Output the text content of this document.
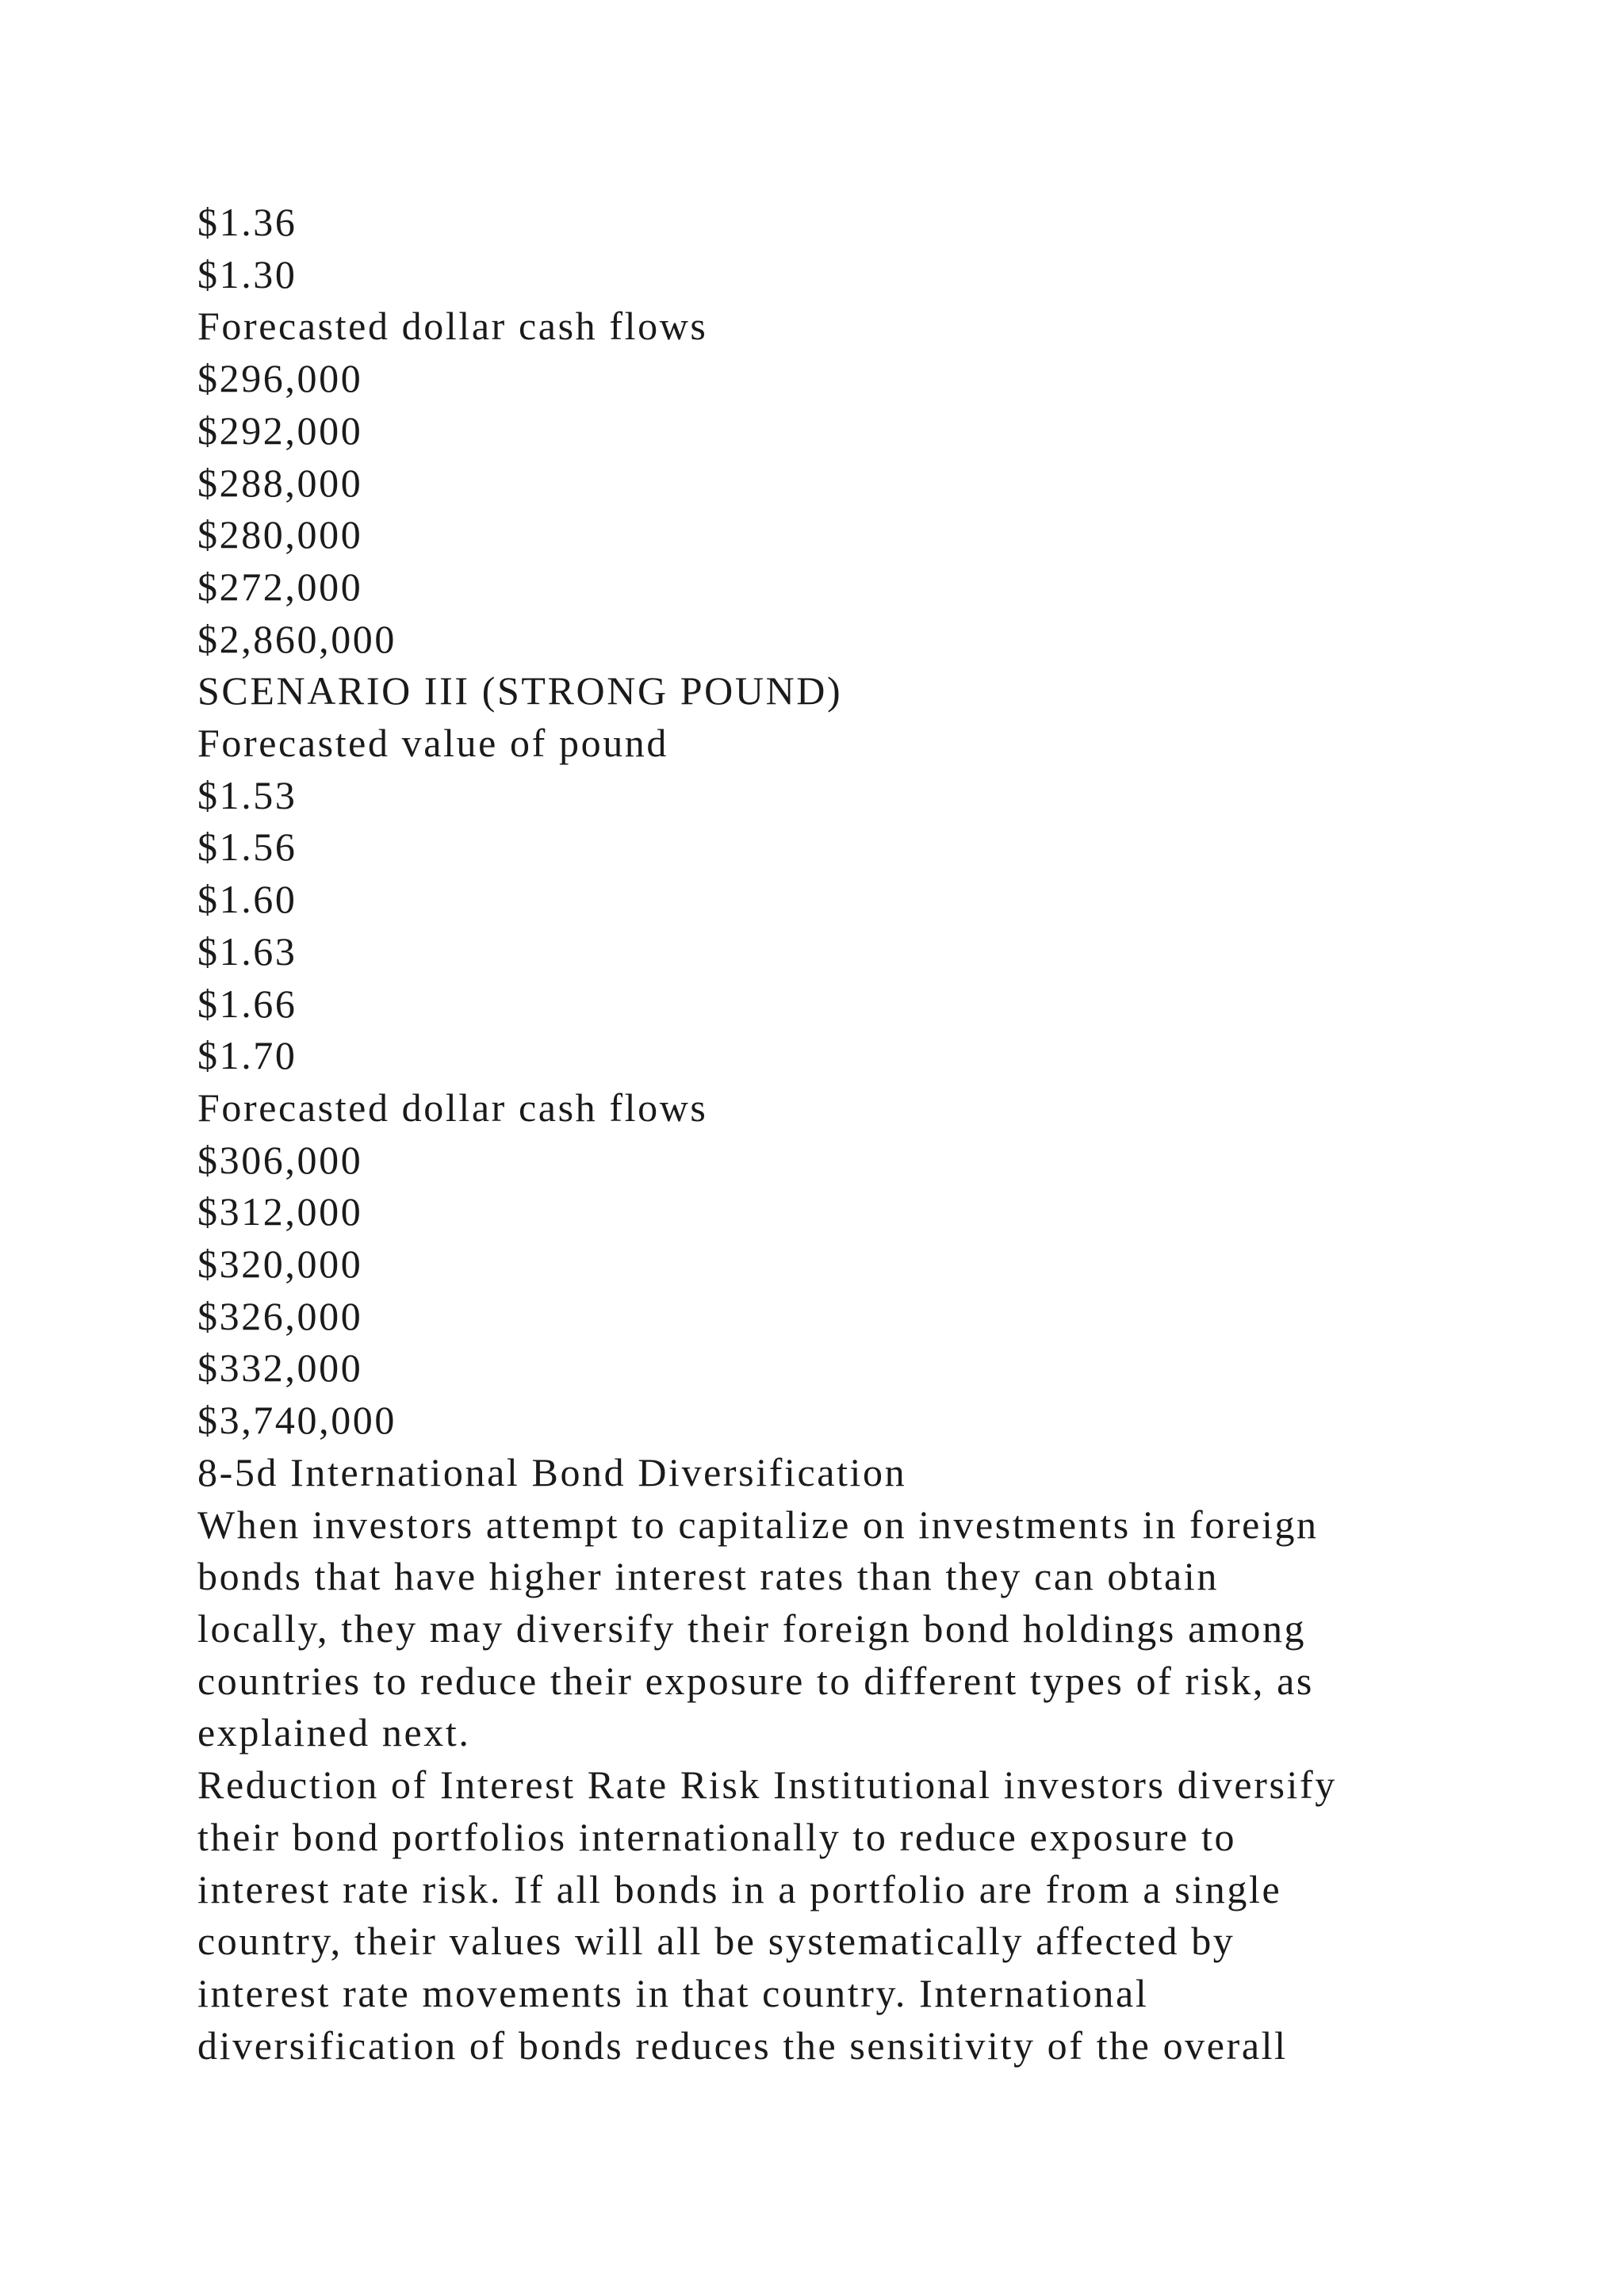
$1.36
$1.30
Forecasted dollar cash flows
$296,000
$292,000
$288,000
$280,000
$272,000
$2,860,000
SCENARIO III (STRONG POUND)
Forecasted value of pound
$1.53
$1.56
$1.60
$1.63
$1.66
$1.70
Forecasted dollar cash flows
$306,000
$312,000
$320,000
$326,000
$332,000
$3,740,000
8-5d International Bond Diversification
When investors attempt to capitalize on investments in foreign
bonds that have higher interest rates than they can obtain
locally, they may diversify their foreign bond holdings among
countries to reduce their exposure to different types of risk, as
explained next.
Reduction of Interest Rate Risk Institutional investors diversify
their bond portfolios internationally to reduce exposure to
interest rate risk. If all bonds in a portfolio are from a single
country, their values will all be systematically affected by
interest rate movements in that country. International
diversification of bonds reduces the sensitivity of the overall
